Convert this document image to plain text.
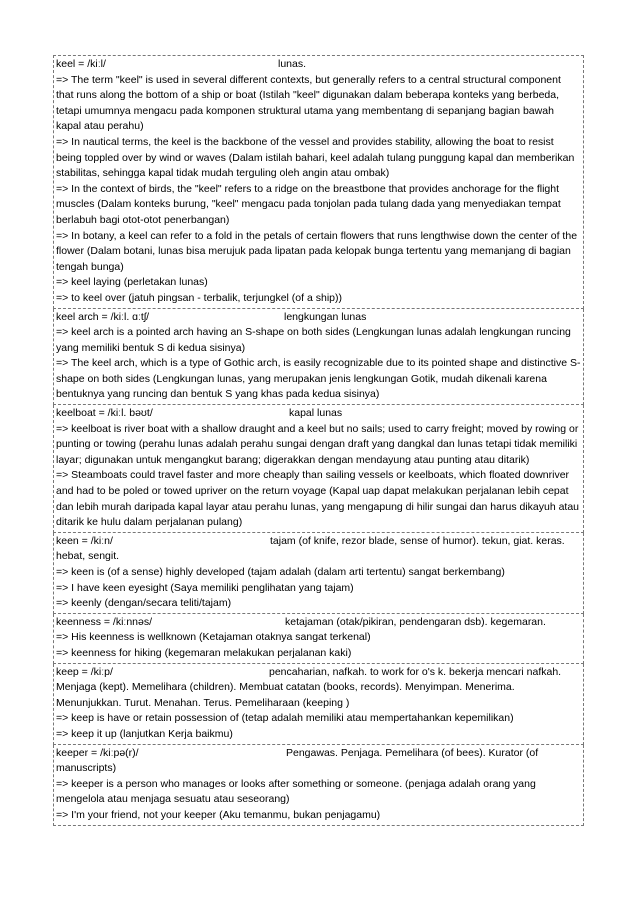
keel = /kiːl/	lunas.
=> The term "keel" is used in several different contexts, but generally refers to a central structural component that runs along the bottom of a ship or boat (Istilah "keel" digunakan dalam beberapa konteks yang berbeda, tetapi umumnya mengacu pada komponen struktural utama yang membentang di sepanjang bagian bawah kapal atau perahu)
=> In nautical terms, the keel is the backbone of the vessel and provides stability, allowing the boat to resist being toppled over by wind or waves (Dalam istilah bahari, keel adalah tulang punggung kapal dan memberikan stabilitas, sehingga kapal tidak mudah terguling oleh angin atau ombak)
=> In the context of birds, the "keel" refers to a ridge on the breastbone that provides anchorage for the flight muscles (Dalam konteks burung, "keel" mengacu pada tonjolan pada tulang dada yang menyediakan tempat berlabuh bagi otot-otot penerbangan)
=> In botany, a keel can refer to a fold in the petals of certain flowers that runs lengthwise down the center of the flower (Dalam botani, lunas bisa merujuk pada lipatan pada kelopak bunga tertentu yang memanjang di bagian tengah bunga)
=> keel laying (perletakan lunas)
=> to keel over (jatuh pingsan - terbalik, terjungkel (of a ship))
keel arch = /kiːl. ɑːtʃ/	lengkungan lunas
=> keel arch is a pointed arch having an S-shape on both sides (Lengkungan lunas adalah lengkungan runcing yang memiliki bentuk S di kedua sisinya)
=> The keel arch, which is a type of Gothic arch, is easily recognizable due to its pointed shape and distinctive S-shape on both sides (Lengkungan lunas, yang merupakan jenis lengkungan Gotik, mudah dikenali karena bentuknya yang runcing dan bentuk S yang khas pada kedua sisinya)
keelboat = /kiːl. bəʊt/	kapal lunas
=> keelboat is river boat with a shallow draught and a keel but no sails; used to carry freight; moved by rowing or punting or towing (perahu lunas adalah perahu sungai dengan draft yang dangkal dan lunas tetapi tidak memiliki layar; digunakan untuk mengangkut barang; digerakkan dengan mendayung atau punting atau ditarik)
=> Steamboats could travel faster and more cheaply than sailing vessels or keelboats, which floated downriver and had to be poled or towed upriver on the return voyage (Kapal uap dapat melakukan perjalanan lebih cepat dan lebih murah daripada kapal layar atau perahu lunas, yang mengapung di hilir sungai dan harus dikayuh atau ditarik ke hulu dalam perjalanan pulang)
keen = /kiːn/	tajam (of knife, rezor blade, sense of humor). tekun, giat. keras. hebat, sengit.
=> keen is (of a sense) highly developed (tajam adalah (dalam arti tertentu) sangat berkembang)
=> I have keen eyesight (Saya memiliki penglihatan yang tajam)
=> keenly (dengan/secara teliti/tajam)
keenness = /kiːnnəs/	ketajaman (otak/pikiran, pendengaran dsb). kegemaran.
=> His keenness is wellknown (Ketajaman otaknya sangat terkenal)
=> keenness for hiking (kegemaran melakukan perjalanan kaki)
keep = /kiːp/	pencaharian, nafkah. to work for o's k. bekerja mencari nafkah. Menjaga (kept). Memelihara (children). Membuat catatan (books, records). Menyimpan. Menerima. Menunjukkan. Turut. Menahan. Terus. Pemeliharaan (keeping )
=> keep is have or retain possession of (tetap adalah memiliki atau mempertahankan kepemilikan)
=> keep it up (lanjutkan Kerja baikmu)
keeper = /kiːpə(r)/	Pengawas. Penjaga. Pemelihara (of bees). Kurator (of manuscripts)
=> keeper is a person who manages or looks after something or someone. (penjaga adalah orang yang mengelola atau menjaga sesuatu atau seseorang)
=> I'm your friend, not your keeper (Aku temanmu, bukan penjagamu)
